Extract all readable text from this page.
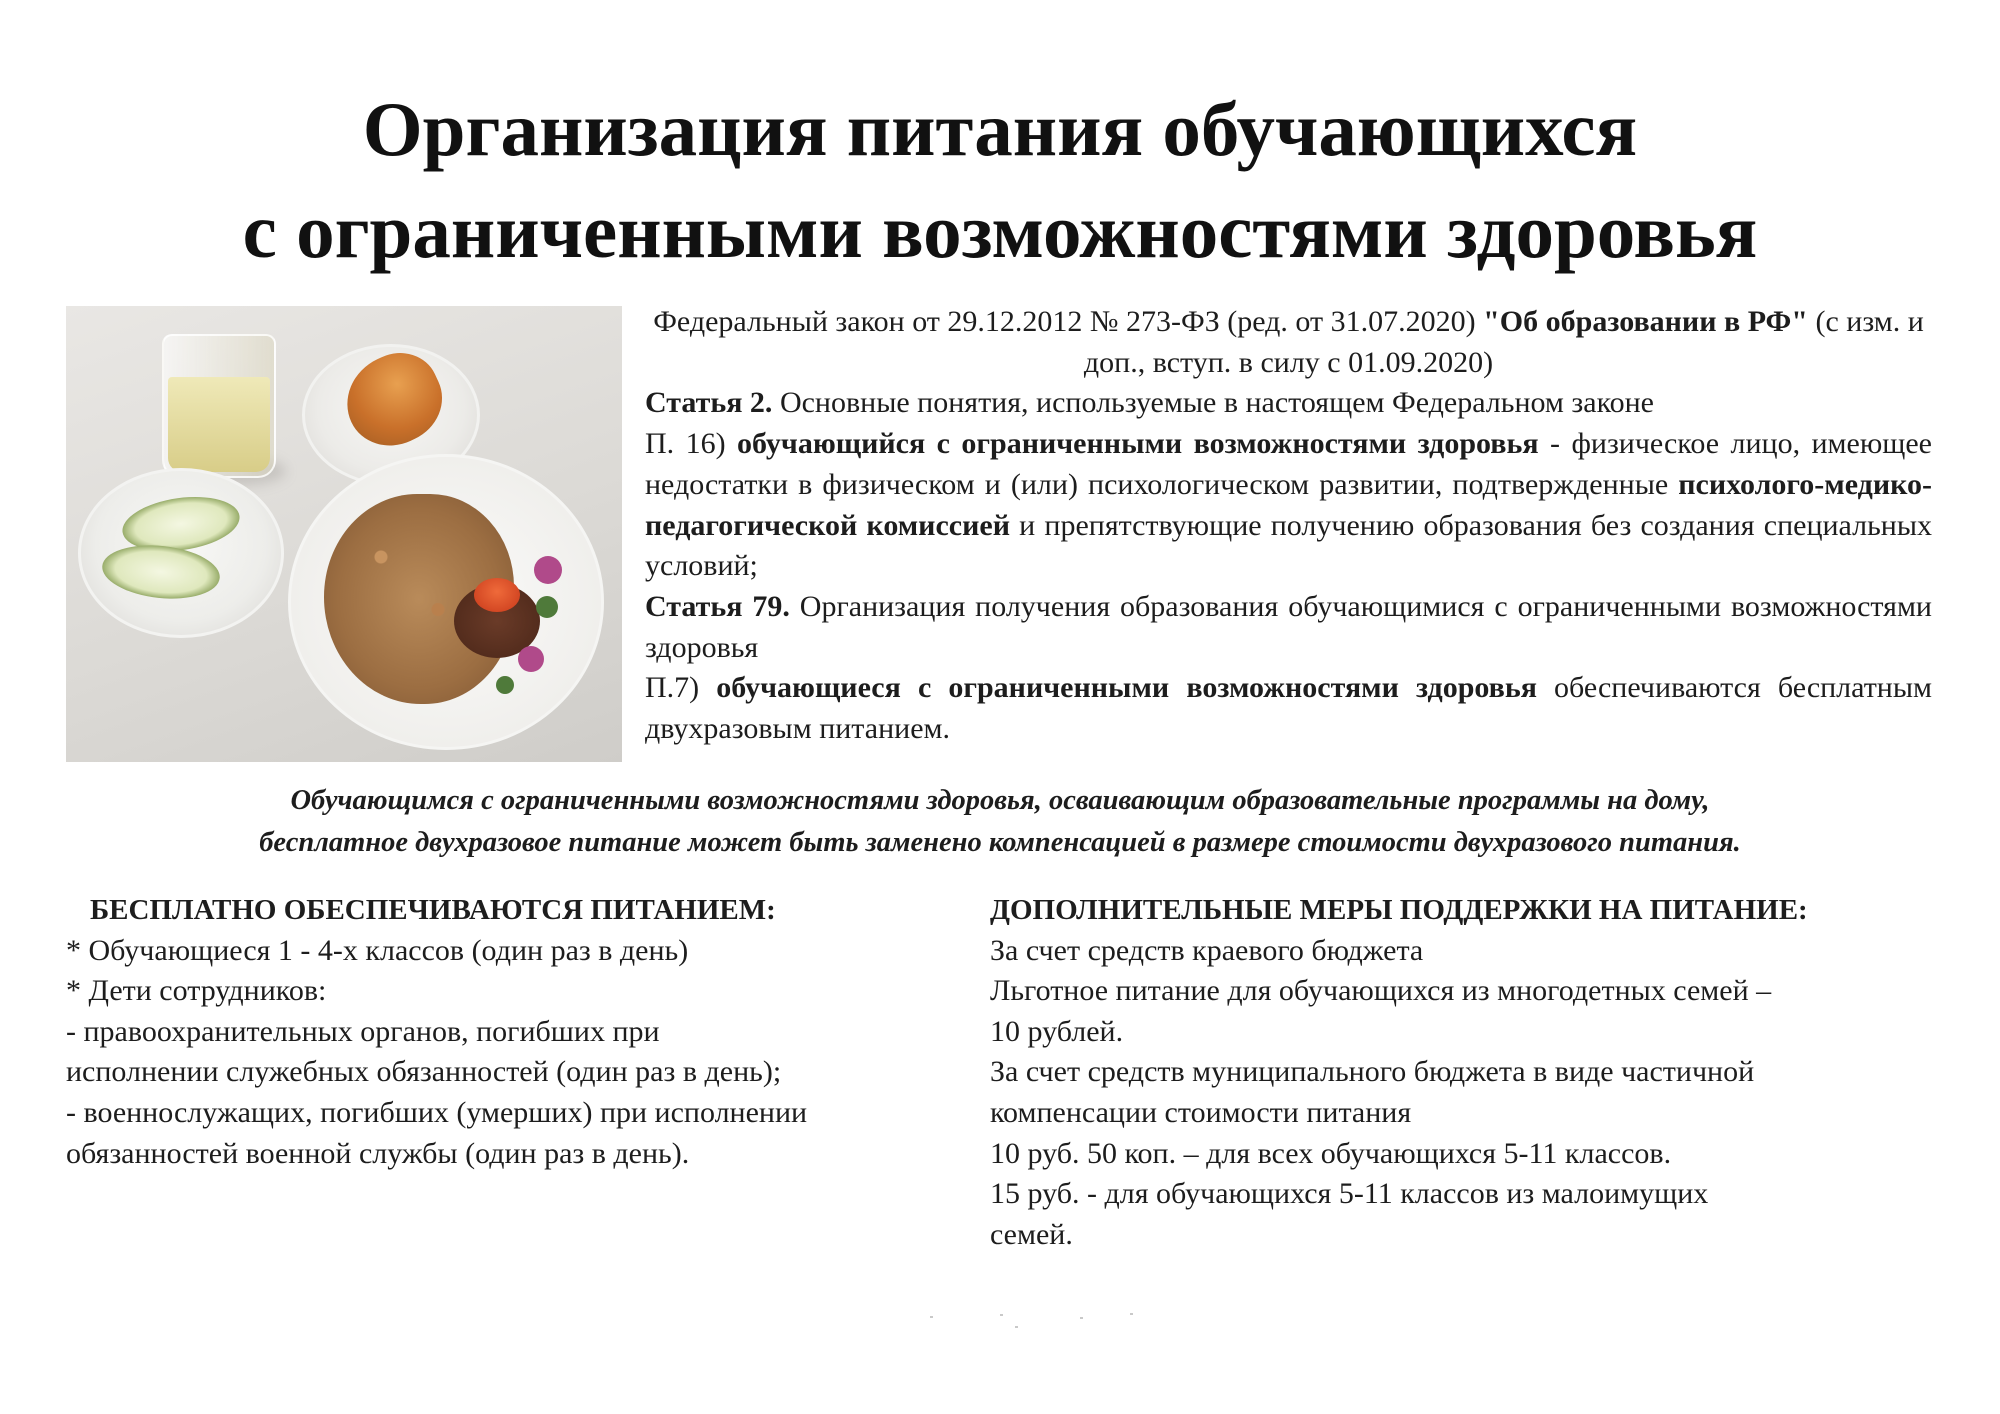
Организация питания обучающихся
с ограниченными возможностями здоровья
Федеральный закон от 29.12.2012 № 273-ФЗ (ред. от 31.07.2020) "Об образовании в РФ" (с изм. и доп., вступ. в силу с 01.09.2020)
Статья 2. Основные понятия, используемые в настоящем Федеральном законе
П. 16) обучающийся с ограниченными возможностями здоровья - физическое лицо, имеющее недостатки в физическом и (или) психологическом развитии, подтвержденные психолого-медико-педагогической комиссией и препятствующие получению образования без создания специальных условий;
Статья 79. Организация получения образования обучающимися с ограниченными возможностями здоровья
П.7) обучающиеся с ограниченными возможностями здоровья обеспечиваются бесплатным двухразовым питанием.
Обучающимся с ограниченными возможностями здоровья, осваивающим образовательные программы на дому,
бесплатное двухразовое питание может быть заменено компенсацией в размере стоимости двухразового питания.
БЕСПЛАТНО ОБЕСПЕЧИВАЮТСЯ ПИТАНИЕМ:

* Обучающиеся 1 - 4-х классов (один раз в день)

* Дети сотрудников:

- правоохранительных органов, погибших при

исполнении служебных обязанностей (один раз в день);

- военнослужащих, погибших (умерших) при исполнении

обязанностей военной службы (один раз в день).

ДОПОЛНИТЕЛЬНЫЕ МЕРЫ ПОДДЕРЖКИ НА ПИТАНИЕ:

За счет средств краевого бюджета

Льготное питание для обучающихся из многодетных семей –

10 рублей.

За счет средств муниципального бюджета в виде частичной

компенсации стоимости питания

10 руб. 50 коп. – для всех обучающихся 5-11 классов.

15 руб. - для обучающихся 5-11 классов из малоимущих

семей.
